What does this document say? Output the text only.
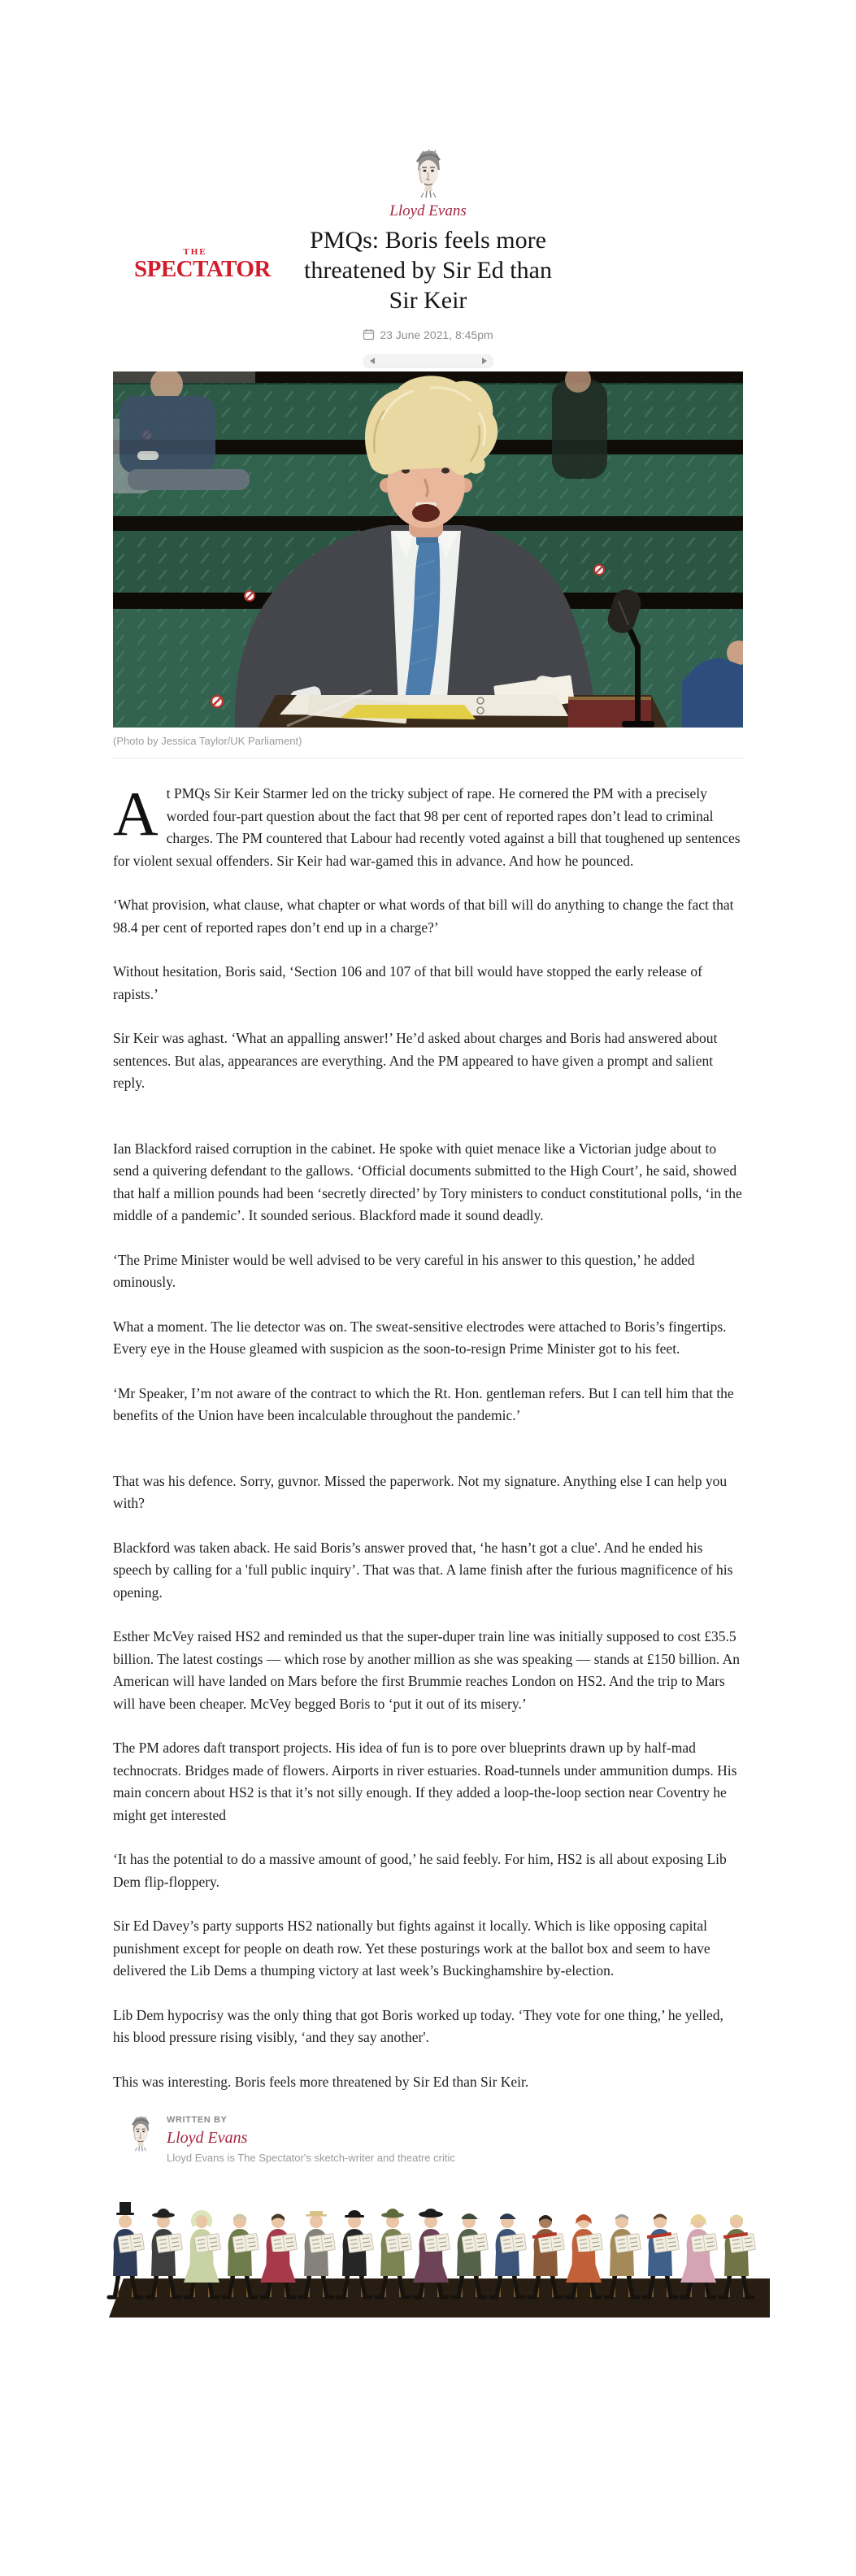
THE
SPECTATOR
Lloyd Evans
PMQs: Boris feels more
threatened by Sir Ed than
Sir Keir
23 June 2021, 8:45pm
(Photo by Jessica Taylor/UK Parliament)

At PMQs Sir Keir Starmer led on the tricky subject of rape. He cornered the PM with a precisely worded four-part question about the fact that 98 per cent of reported rapes don’t lead to criminal charges. The PM countered that Labour had recently voted against a bill that toughened up sentences for violent sexual offenders. Sir Keir had war-gamed this in advance. And how he pounced.

‘What provision, what clause, what chapter or what words of that bill will do anything to change the fact that 98.4 per cent of reported rapes don’t end up in a charge?’

Without hesitation, Boris said, ‘Section 106 and 107 of that bill would have stopped the early release of rapists.’

Sir Keir was aghast. ‘What an appalling answer!’ He’d asked about charges and Boris had answered about sentences. But alas, appearances are everything. And the PM appeared to have given a prompt and salient reply.

Ian Blackford raised corruption in the cabinet. He spoke with quiet menace like a Victorian judge about to send a quivering defendant to the gallows. ‘Official documents submitted to the High Court’, he said, showed that half a million pounds had been ‘secretly directed’ by Tory ministers to conduct constitutional polls, ‘in the middle of a pandemic’. It sounded serious. Blackford made it sound deadly.

‘The Prime Minister would be well advised to be very careful in his answer to this question,’ he added ominously.

What a moment. The lie detector was on. The sweat-sensitive electrodes were attached to Boris’s fingertips. Every eye in the House gleamed with suspicion as the soon-to-resign Prime Minister got to his feet.

‘Mr Speaker, I’m not aware of the contract to which the Rt. Hon. gentleman refers. But I can tell him that the benefits of the Union have been incalculable throughout the pandemic.’

That was his defence. Sorry, guvnor. Missed the paperwork. Not my signature. Anything else I can help you with?

Blackford was taken aback. He said Boris’s answer proved that, ‘he hasn’t got a clue'. And he ended his speech by calling for a 'full public inquiry’. That was that. A lame finish after the furious magnificence of his opening.

Esther McVey raised HS2 and reminded us that the super-duper train line was initially supposed to cost £35.5 billion. The latest costings — which rose by another million as she was speaking — stands at £150 billion. An American will have landed on Mars before the first Brummie reaches London on HS2. And the trip to Mars will have been cheaper. McVey begged Boris to ‘put it out of its misery.’

The PM adores daft transport projects. His idea of fun is to pore over blueprints drawn up by half-mad technocrats. Bridges made of flowers. Airports in river estuaries. Road-tunnels under ammunition dumps. His main concern about HS2 is that it’s not silly enough. If they added a loop-the-loop section near Coventry he might get interested

‘It has the potential to do a massive amount of good,’ he said feebly. For him, HS2 is all about exposing Lib Dem flip-floppery.

Sir Ed Davey’s party supports HS2 nationally but fights against it locally. Which is like opposing capital punishment except for people on death row. Yet these posturings work at the ballot box and seem to have delivered the Lib Dems a thumping victory at last week’s Buckinghamshire by-election.

Lib Dem hypocrisy was the only thing that got Boris worked up today. ‘They vote for one thing,’ he yelled, his blood pressure rising visibly, ‘and they say another'.

This was interesting. Boris feels more threatened by Sir Ed than Sir Keir.

WRITTEN BY
Lloyd Evans
Lloyd Evans is The Spectator's sketch-writer and theatre critic
